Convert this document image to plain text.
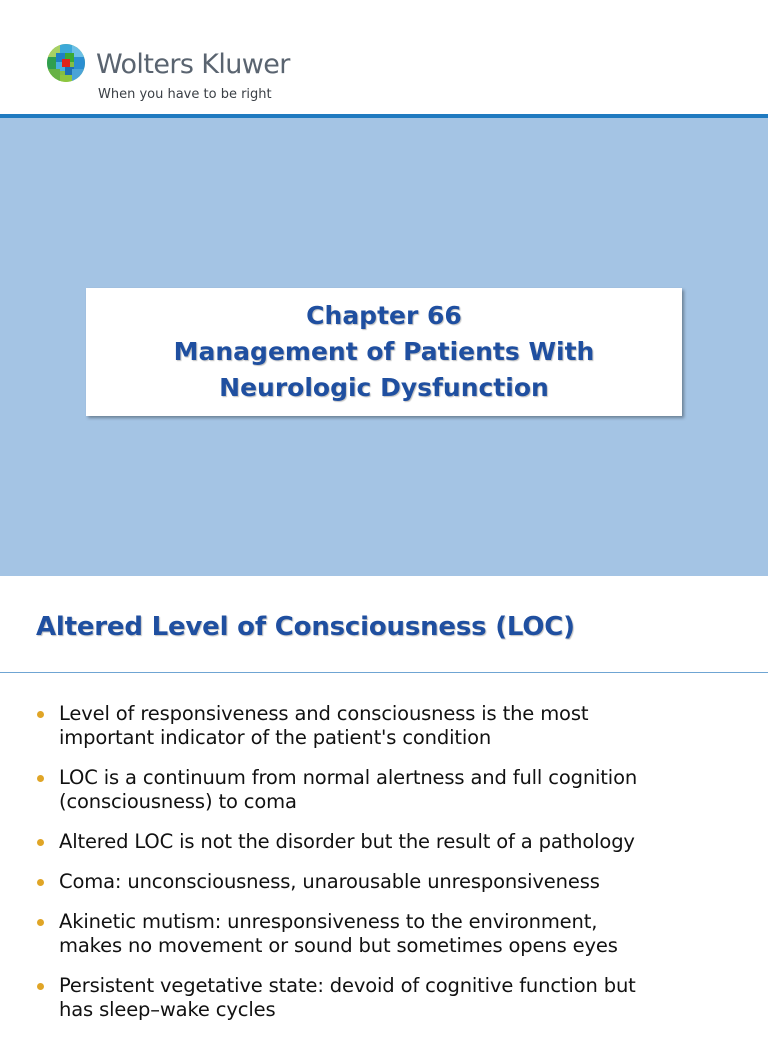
Wolters Kluwer
When you have to be right
Chapter 66
Management of Patients With
Neurologic Dysfunction
Altered Level of Consciousness (LOC)
Level of responsiveness and consciousness is the most
important indicator of the patient's condition
LOC is a continuum from normal alertness and full cognition
(consciousness) to coma
Altered LOC is not the disorder but the result of a pathology
Coma: unconsciousness, unarousable unresponsiveness
Akinetic mutism: unresponsiveness to the environment,
makes no movement or sound but sometimes opens eyes
Persistent vegetative state: devoid of cognitive function but
has sleep–wake cycles
